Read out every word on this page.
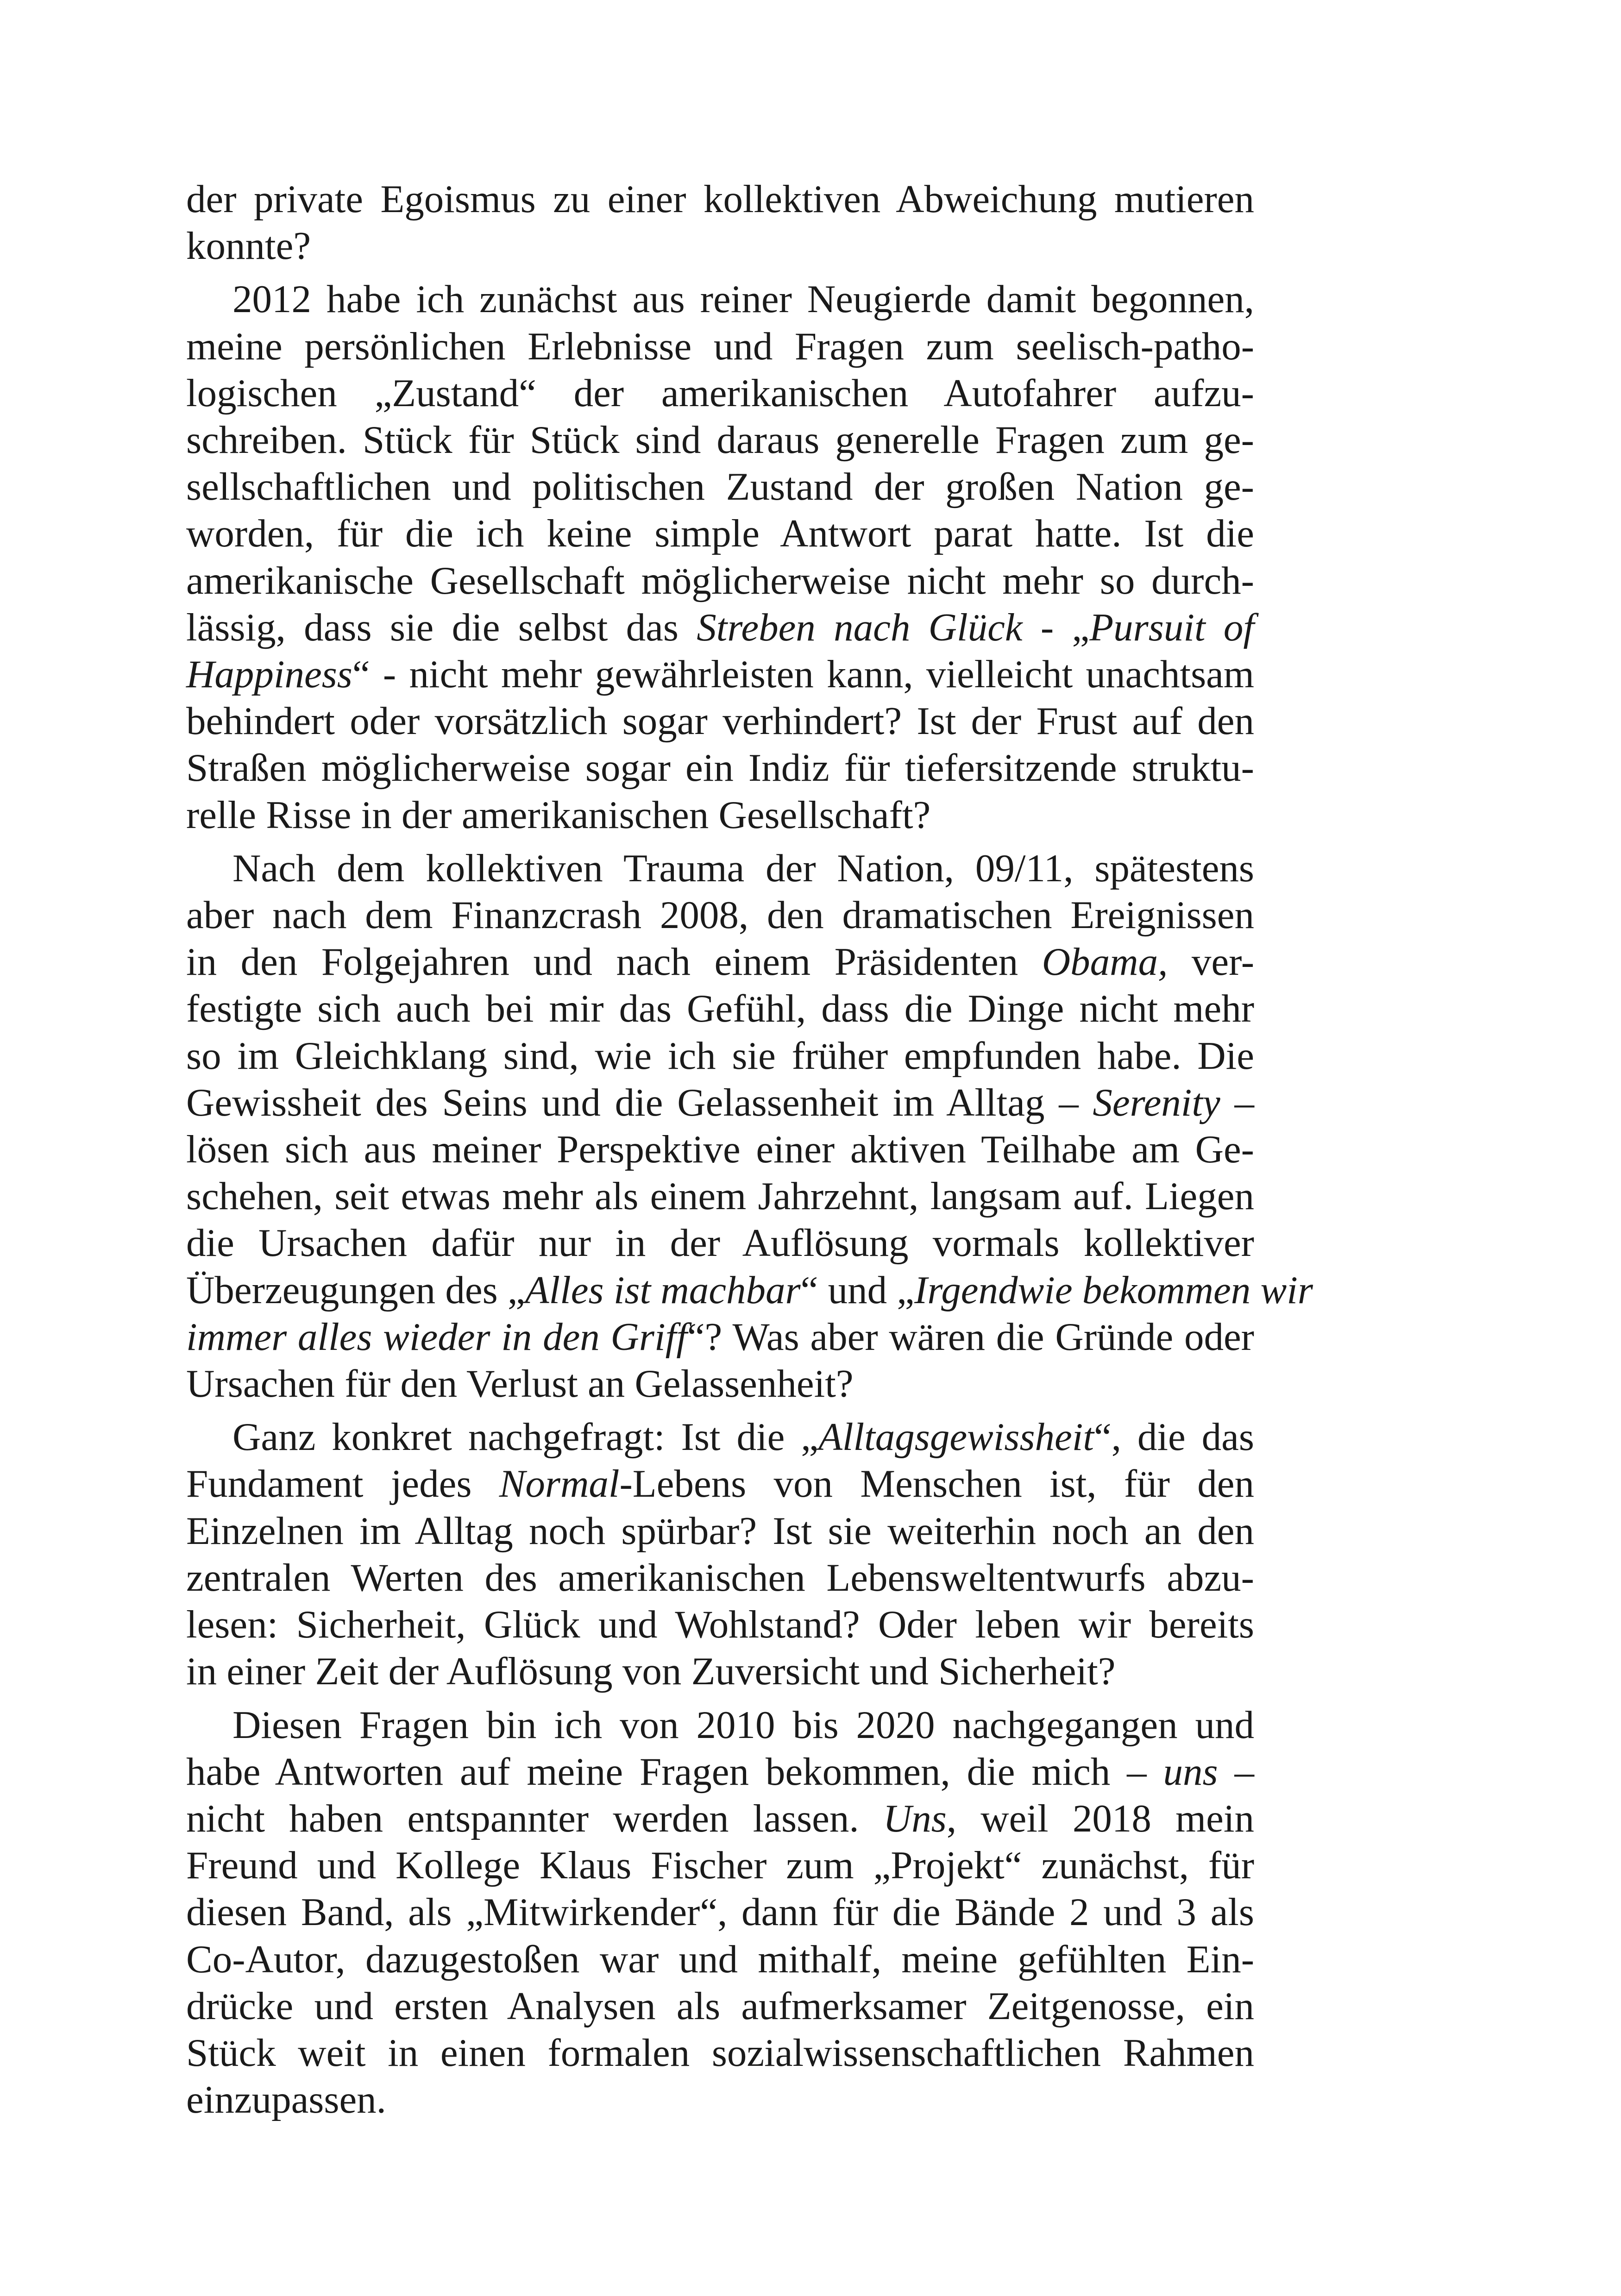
der private Egoismus zu einer kollektiven Abweichung mutieren
konnte?
2012 habe ich zunächst aus reiner Neugierde damit begonnen,
meine persönlichen Erlebnisse und Fragen zum seelisch-patho-
logischen „Zustand“ der amerikanischen Autofahrer aufzu-
schreiben. Stück für Stück sind daraus generelle Fragen zum ge-
sellschaftlichen und politischen Zustand der großen Nation ge-
worden, für die ich keine simple Antwort parat hatte. Ist die
amerikanische Gesellschaft möglicherweise nicht mehr so durch-
lässig, dass sie die selbst das Streben nach Glück - „Pursuit of
Happiness“ - nicht mehr gewährleisten kann, vielleicht unachtsam
behindert oder vorsätzlich sogar verhindert? Ist der Frust auf den
Straßen möglicherweise sogar ein Indiz für tiefersitzende struktu-
relle Risse in der amerikanischen Gesellschaft?
Nach dem kollektiven Trauma der Nation, 09/11, spätestens
aber nach dem Finanzcrash 2008, den dramatischen Ereignissen
in den Folgejahren und nach einem Präsidenten Obama, ver-
festigte sich auch bei mir das Gefühl, dass die Dinge nicht mehr
so im Gleichklang sind, wie ich sie früher empfunden habe. Die
Gewissheit des Seins und die Gelassenheit im Alltag – Serenity –
lösen sich aus meiner Perspektive einer aktiven Teilhabe am Ge-
schehen, seit etwas mehr als einem Jahrzehnt, langsam auf. Liegen
die Ursachen dafür nur in der Auflösung vormals kollektiver
Überzeugungen des „Alles ist machbar“ und „Irgendwie bekommen wir
immer alles wieder in den Griff“? Was aber wären die Gründe oder
Ursachen für den Verlust an Gelassenheit?
Ganz konkret nachgefragt: Ist die „Alltagsgewissheit“, die das
Fundament jedes Normal-Lebens von Menschen ist, für den
Einzelnen im Alltag noch spürbar? Ist sie weiterhin noch an den
zentralen Werten des amerikanischen Lebensweltentwurfs abzu-
lesen: Sicherheit, Glück und Wohlstand? Oder leben wir bereits
in einer Zeit der Auflösung von Zuversicht und Sicherheit?
Diesen Fragen bin ich von 2010 bis 2020 nachgegangen und
habe Antworten auf meine Fragen bekommen, die mich – uns –
nicht haben entspannter werden lassen. Uns, weil 2018 mein
Freund und Kollege Klaus Fischer zum „Projekt“ zunächst, für
diesen Band, als „Mitwirkender“, dann für die Bände 2 und 3 als
Co-Autor, dazugestoßen war und mithalf, meine gefühlten Ein-
drücke und ersten Analysen als aufmerksamer Zeitgenosse, ein
Stück weit in einen formalen sozialwissenschaftlichen Rahmen
einzupassen.
